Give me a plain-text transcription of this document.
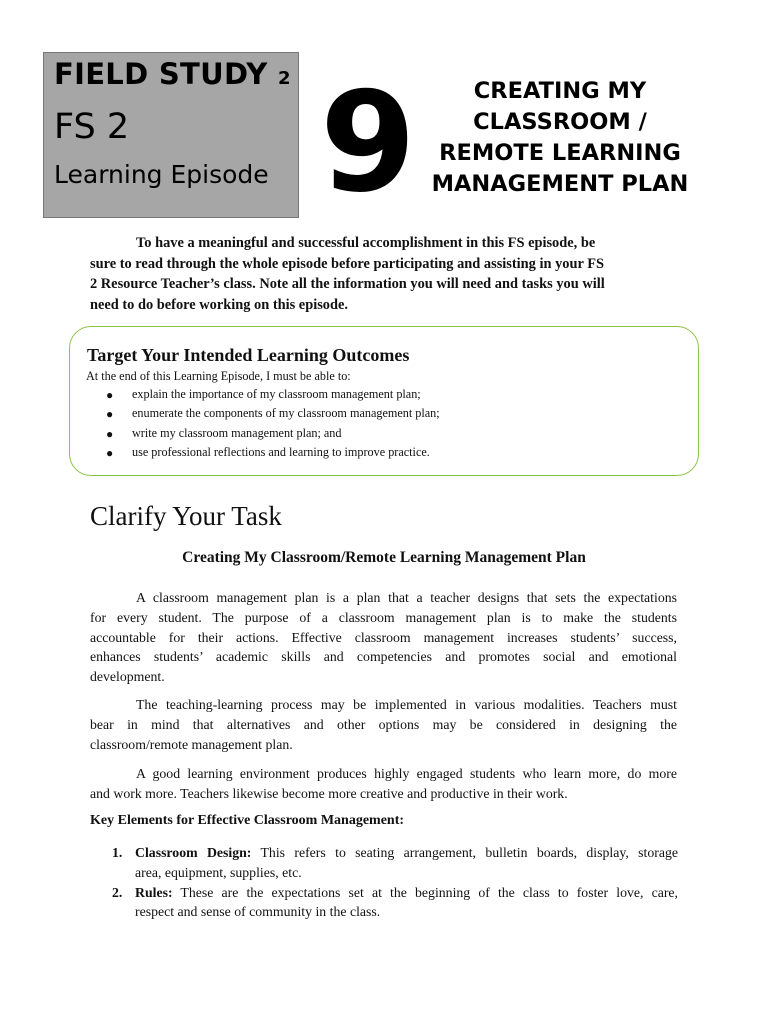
FIELD STUDY 2
FS 2
Learning Episode 9	CREATING MY
CLASSROOM /
REMOTE LEARNING
MANAGEMENT PLAN
To have a meaningful and successful accomplishment in this FS episode, be
sure to read through the whole episode before participating and assisting in your FS
2 Resource Teacher’s class. Note all the information you will need and tasks you will
need to do before working on this episode.
Target Your Intended Learning Outcomes
At the end of this Learning Episode, I must be able to:
● explain the importance of my classroom management plan;
● enumerate the components of my classroom management plan;
● write my classroom management plan; and
● use professional reflections and learning to improve practice.
Clarify Your Task
Creating My Classroom/Remote Learning Management Plan
A classroom management plan is a plan that a teacher designs that sets the expectations
for every student. The purpose of a classroom management plan is to make the students
accountable for their actions. Effective classroom management increases students’ success,
enhances students’ academic skills and competencies and promotes social and emotional
development.
The teaching-learning process may be implemented in various modalities. Teachers must
bear in mind that alternatives and other options may be considered in designing the
classroom/remote management plan.
A good learning environment produces highly engaged students who learn more, do more
and work more. Teachers likewise become more creative and productive in their work.
Key Elements for Effective Classroom Management:
1. Classroom Design: This refers to seating arrangement, bulletin boards, display, storage
area, equipment, supplies, etc.
2. Rules: These are the expectations set at the beginning of the class to foster love, care,
respect and sense of community in the class.
